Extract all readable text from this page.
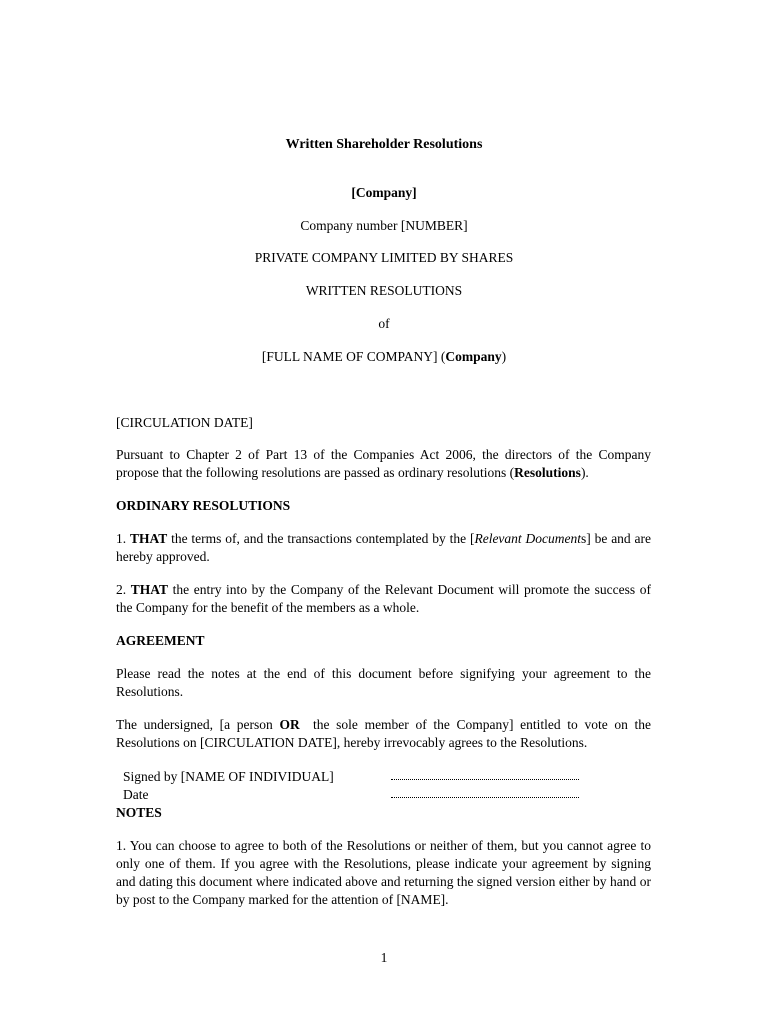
Written Shareholder Resolutions
[Company]
Company number [NUMBER]
PRIVATE COMPANY LIMITED BY SHARES
WRITTEN RESOLUTIONS
of
[FULL NAME OF COMPANY] (Company)
[CIRCULATION DATE]
Pursuant to Chapter 2 of Part 13 of the Companies Act 2006, the directors of the Company propose that the following resolutions are passed as ordinary resolutions (Resolutions).
ORDINARY RESOLUTIONS
1. THAT the terms of, and the transactions contemplated by the [Relevant Documents] be and are hereby approved.
2. THAT the entry into by the Company of the Relevant Document will promote the success of the Company for the benefit of the members as a whole.
AGREEMENT
Please read the notes at the end of this document before signifying your agreement to the Resolutions.
The undersigned, [a person OR  the sole member of the Company] entitled to vote on the Resolutions on [CIRCULATION DATE], hereby irrevocably agrees to the Resolutions.
Signed by [NAME OF INDIVIDUAL]
Date
NOTES
1. You can choose to agree to both of the Resolutions or neither of them, but you cannot agree to only one of them. If you agree with the Resolutions, please indicate your agreement by signing and dating this document where indicated above and returning the signed version either by hand or by post to the Company marked for the attention of [NAME].
1
